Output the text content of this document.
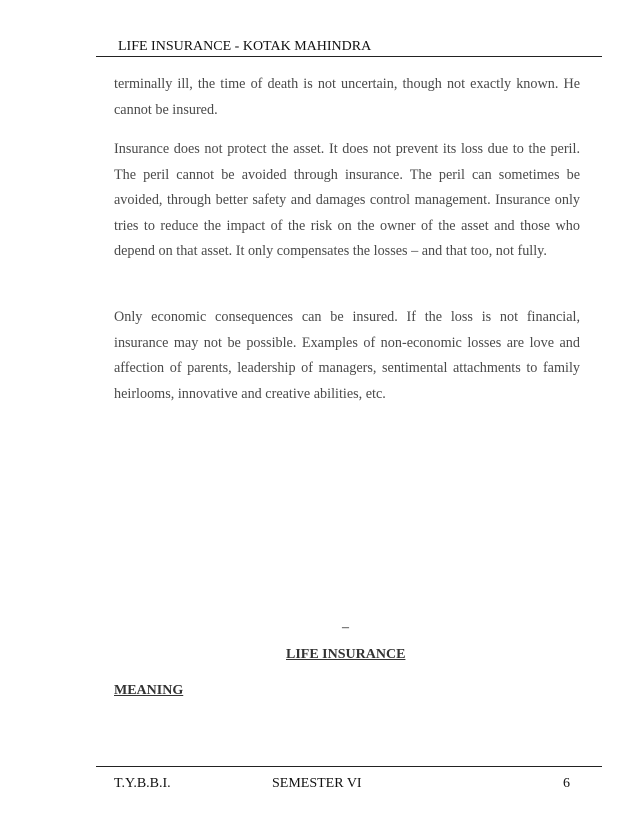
LIFE INSURANCE - KOTAK MAHINDRA

terminally ill, the time of death is not uncertain, though not exactly known. He cannot be insured.

Insurance does not protect the asset. It does not prevent its loss due to the peril. The peril cannot be avoided through insurance. The peril can sometimes be avoided, through better safety and damages control management. Insurance only tries to reduce the impact of the risk on the owner of the asset and those who depend on that asset. It only compensates the losses – and that too, not fully.

Only economic consequences can be insured. If the loss is not financial, insurance may not be possible. Examples of non-economic losses are love and affection of parents, leadership of managers, sentimental attachments to family heirlooms, innovative and creative abilities, etc.

–
LIFE INSURANCE
MEANING
T.Y.B.B.I.	SEMESTER VI	6
